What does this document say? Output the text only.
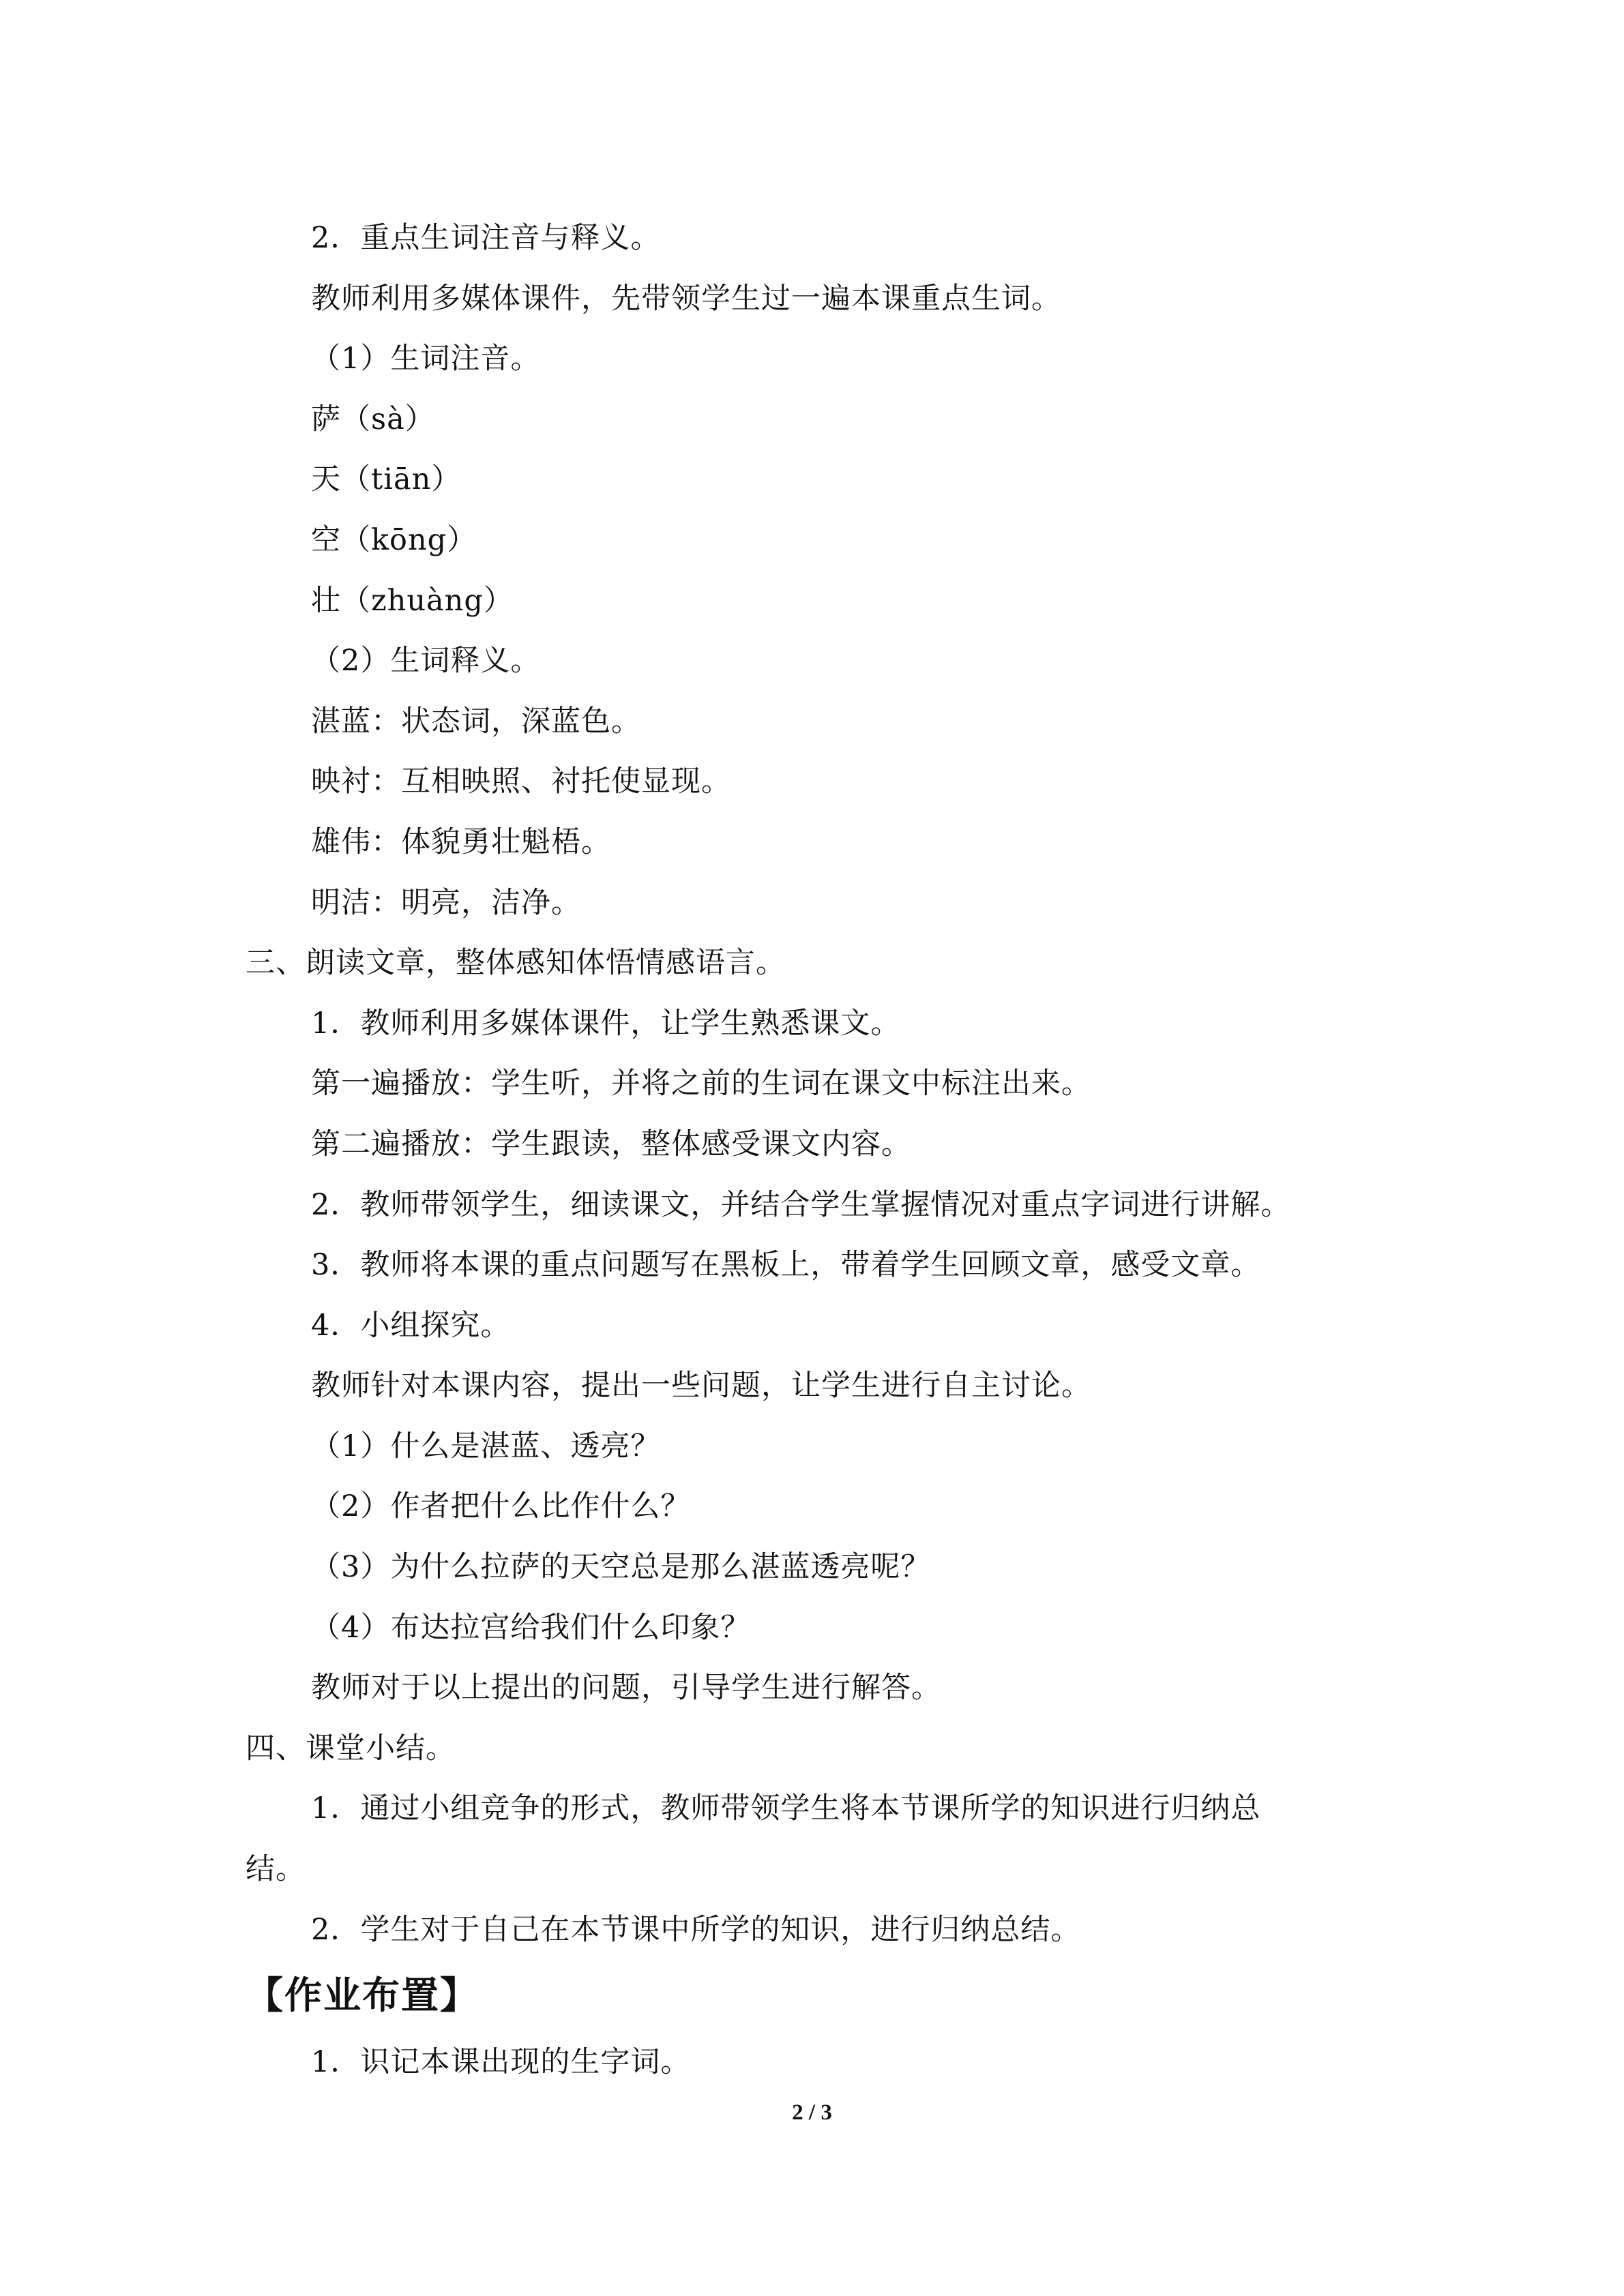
2．重点生词注音与释义。
教师利用多媒体课件，先带领学生过一遍本课重点生词。
（1）生词注音。
萨（sà）
天（tiān）
空（kōng）
壮（zhuàng）
（2）生词释义。
湛蓝：状态词，深蓝色。
映衬：互相映照、衬托使显现。
雄伟：体貌勇壮魁梧。
明洁：明亮，洁净。
三、朗读文章，整体感知体悟情感语言。
1．教师利用多媒体课件，让学生熟悉课文。
第一遍播放：学生听，并将之前的生词在课文中标注出来。
第二遍播放：学生跟读，整体感受课文内容。
2．教师带领学生，细读课文，并结合学生掌握情况对重点字词进行讲解。
3．教师将本课的重点问题写在黑板上，带着学生回顾文章，感受文章。
4．小组探究。
教师针对本课内容，提出一些问题，让学生进行自主讨论。
（1）什么是湛蓝、透亮？
（2）作者把什么比作什么？
（3）为什么拉萨的天空总是那么湛蓝透亮呢？
（4）布达拉宫给我们什么印象？
教师对于以上提出的问题，引导学生进行解答。
四、课堂小结。
1．通过小组竞争的形式，教师带领学生将本节课所学的知识进行归纳总
结。
2．学生对于自己在本节课中所学的知识，进行归纳总结。
【作业布置】
1．识记本课出现的生字词。
2 / 3
